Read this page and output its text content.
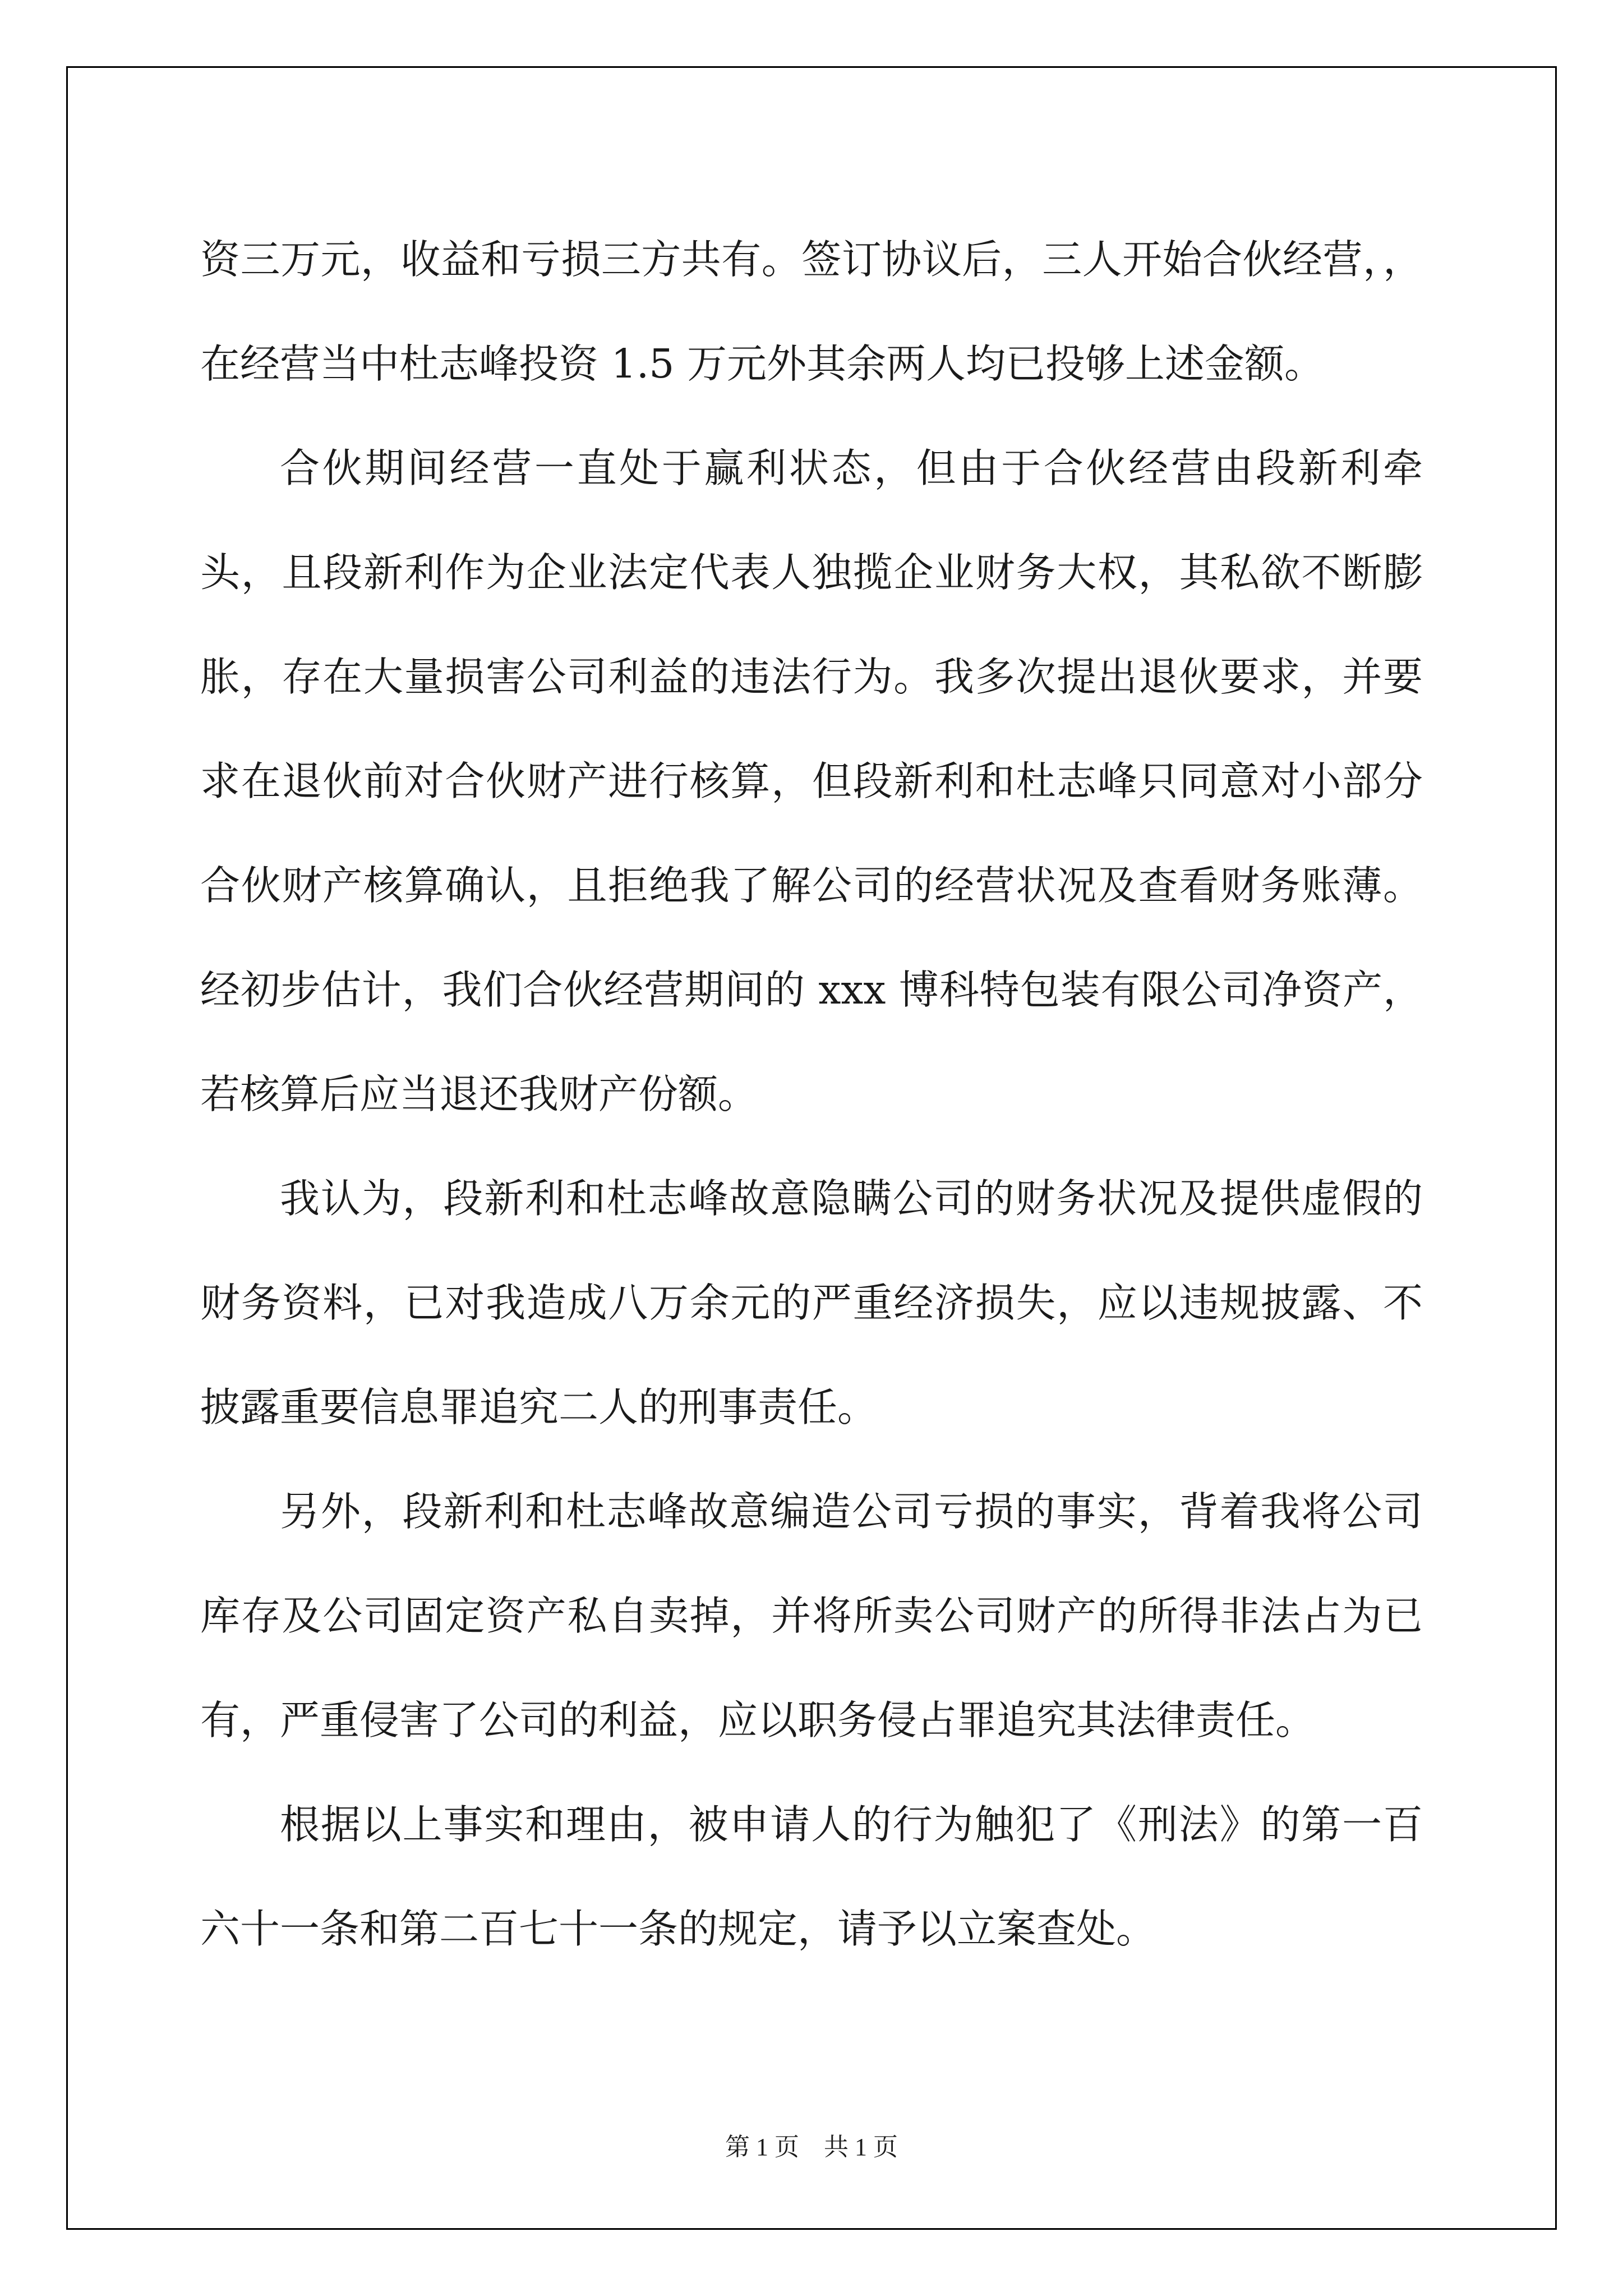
资三万元，收益和亏损三方共有。签订协议后，三人开始合伙经营，，在经营当中杜志峰投资 1.5 万元外其余两人均已投够上述金额。

合伙期间经营一直处于赢利状态，但由于合伙经营由段新利牵头，且段新利作为企业法定代表人独揽企业财务大权，其私欲不断膨胀，存在大量损害公司利益的违法行为。我多次提出退伙要求，并要求在退伙前对合伙财产进行核算，但段新利和杜志峰只同意对小部分合伙财产核算确认，且拒绝我了解公司的经营状况及查看财务账薄。经初步估计，我们合伙经营期间的 xxx 博科特包装有限公司净资产，若核算后应当退还我财产份额。

我认为，段新利和杜志峰故意隐瞒公司的财务状况及提供虚假的财务资料，已对我造成八万余元的严重经济损失，应以违规披露、不披露重要信息罪追究二人的刑事责任。

另外，段新利和杜志峰故意编造公司亏损的事实，背着我将公司库存及公司固定资产私自卖掉，并将所卖公司财产的所得非法占为已有，严重侵害了公司的利益，应以职务侵占罪追究其法律责任。

根据以上事实和理由，被申请人的行为触犯了《刑法》的第一百六十一条和第二百七十一条的规定，请予以立案查处。

第 1 页　共 1 页
